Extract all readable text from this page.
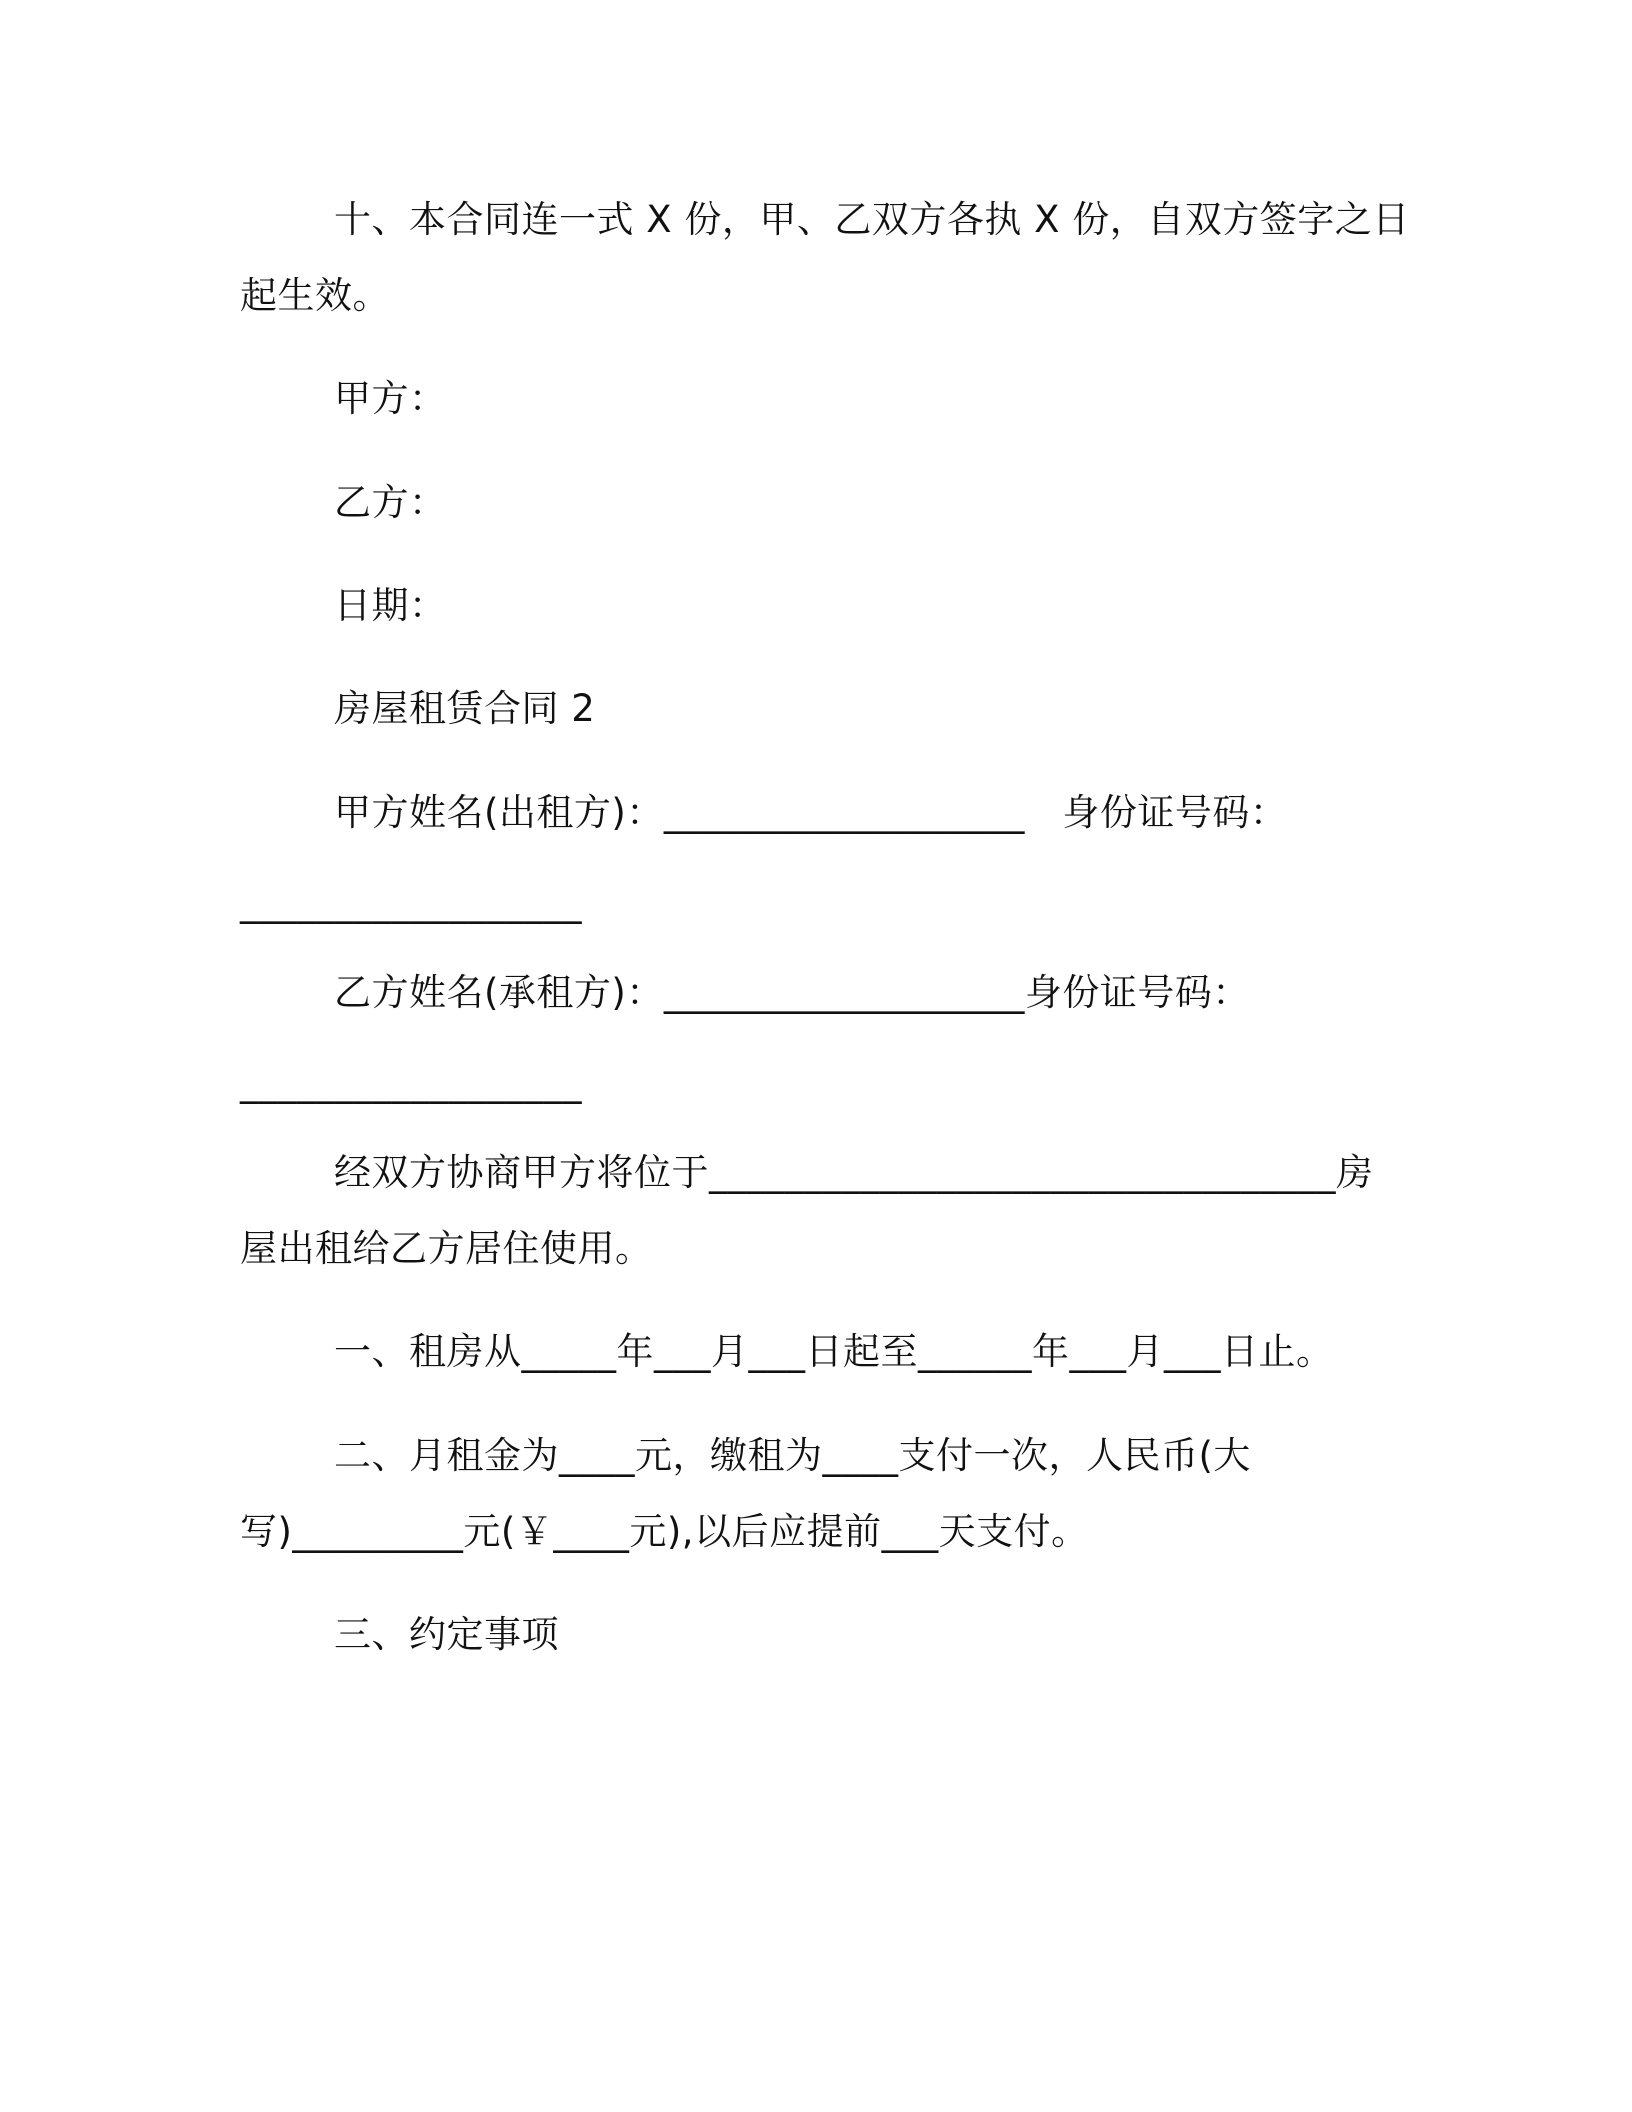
十、本合同连一式 X 份，甲、乙双方各执 X 份，自双方签字之日
起生效。
甲方：
乙方：
日期：
房屋租赁合同 2
甲方姓名(出租方)：___________________　身份证号码：
__________________
乙方姓名(承租方)：___________________身份证号码：
__________________
经双方协商甲方将位于_________________________________房
屋出租给乙方居住使用。
一、租房从_____年___月___日起至______年___月___日止。
二、月租金为____元，缴租为____支付一次，人民币(大
写)_________元(￥____元),以后应提前___天支付。
三、约定事项
